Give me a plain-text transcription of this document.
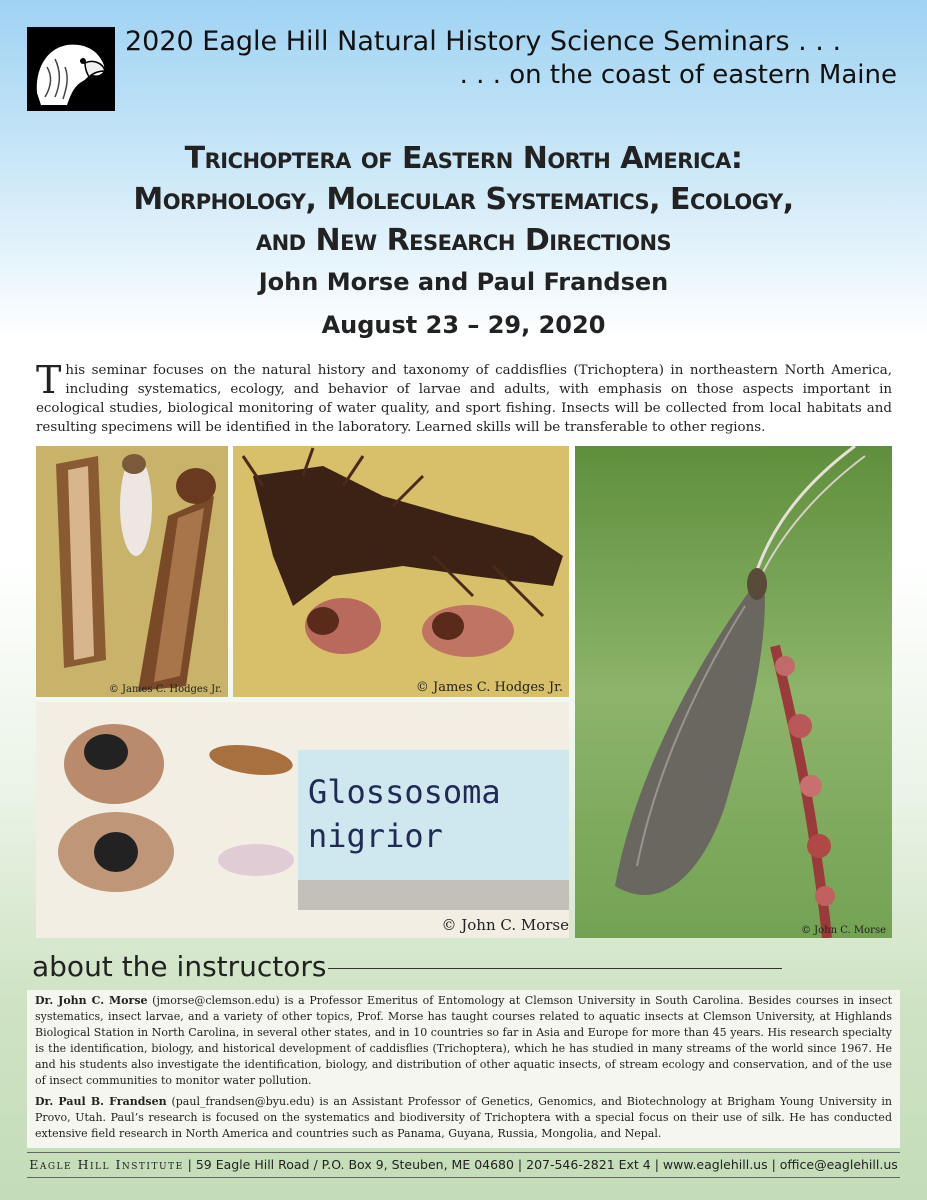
2020 Eagle Hill Natural History Science Seminars . . .
. . . on the coast of eastern Maine
Trichoptera of Eastern North America:
Morphology, Molecular Systematics, Ecology,
and New Research Directions
John Morse and Paul Frandsen
August 23 – 29, 2020
This seminar focuses on the natural history and taxonomy of caddisflies (Trichoptera) in northeastern North America, including systematics, ecology, and behavior of larvae and adults, with emphasis on those aspects important in ecological studies, biological monitoring of water quality, and sport fishing. Insects will be collected from local habitats and resulting specimens will be identified in the laboratory. Learned skills will be transferable to other regions.
© James C. Hodges Jr.	© James C. Hodges Jr.
Glossosoma
nigrior
© John C. Morse	© John C. Morse
about the instructors
Dr. John C. Morse (jmorse@clemson.edu) is a Professor Emeritus of Entomology at Clemson University in South Carolina. Besides courses in insect systematics, insect larvae, and a variety of other topics, Prof. Morse has taught courses related to aquatic insects at Clemson University, at Highlands Biological Station in North Carolina, in several other states, and in 10 countries so far in Asia and Europe for more than 45 years. His research specialty is the identification, biology, and historical development of caddisflies (Trichoptera), which he has studied in many streams of the world since 1967. He and his students also investigate the identification, biology, and distribution of other aquatic insects, of stream ecology and conservation, and of the use of insect communities to monitor water pollution.
Dr. Paul B. Frandsen (paul_frandsen@byu.edu) is an Assistant Professor of Genetics, Genomics, and Biotechnology at Brigham Young University in Provo, Utah. Paul’s research is focused on the systematics and biodiversity of Trichoptera with a special focus on their use of silk. He has conducted extensive field research in North America and countries such as Panama, Guyana, Russia, Mongolia, and Nepal.
Eagle Hill Institute | 59 Eagle Hill Road / P.O. Box 9, Steuben, ME 04680 | 207-546-2821 Ext 4 | www.eaglehill.us | office@eaglehill.us
